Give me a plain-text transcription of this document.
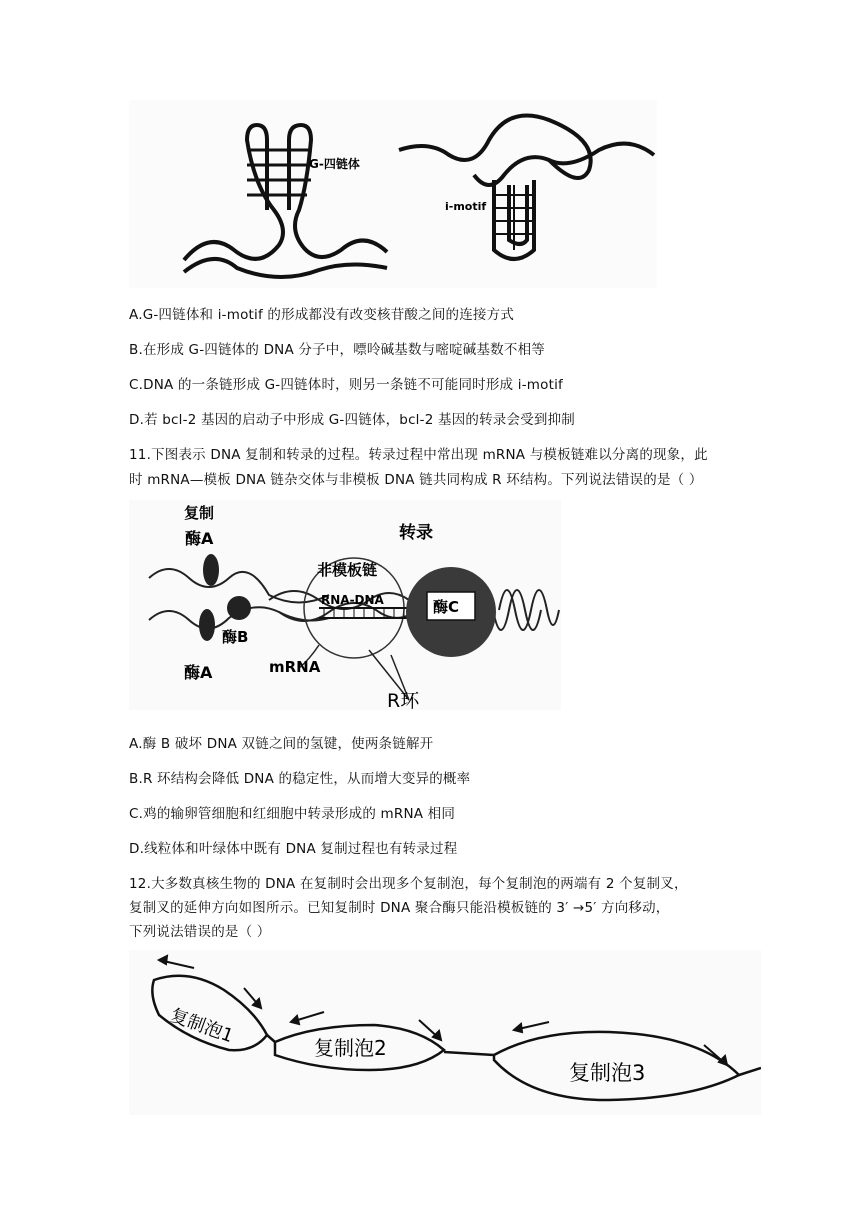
G-四链体
i-motif
A.G-四链体和 i-motif 的形成都没有改变核苷酸之间的连接方式
B.在形成 G-四链体的 DNA 分子中，嘌呤碱基数与嘧啶碱基数不相等
C.DNA 的一条链形成 G-四链体时，则另一条链不可能同时形成 i-motif
D.若 bcl-2 基因的启动子中形成 G-四链体，bcl-2 基因的转录会受到抑制
11.下图表示 DNA 复制和转录的过程。转录过程中常出现 mRNA 与模板链难以分离的现象，此
时 mRNA—模板 DNA 链杂交体与非模板 DNA 链共同构成 R 环结构。下列说法错误的是（ ）
复制
酶A	转录
非模板链
RNA-DNA	酶C
酶B
酶A	mRNA
R环
A.酶 B 破坏 DNA 双链之间的氢键，使两条链解开
B.R 环结构会降低 DNA 的稳定性，从而增大变异的概率
C.鸡的输卵管细胞和红细胞中转录形成的 mRNA 相同
D.线粒体和叶绿体中既有 DNA 复制过程也有转录过程
12.大多数真核生物的 DNA 在复制时会出现多个复制泡，每个复制泡的两端有 2 个复制叉，
复制叉的延伸方向如图所示。已知复制时 DNA 聚合酶只能沿模板链的 3′ →5′ 方向移动，
下列说法错误的是（ ）
复制泡1
复制泡2
复制泡3
